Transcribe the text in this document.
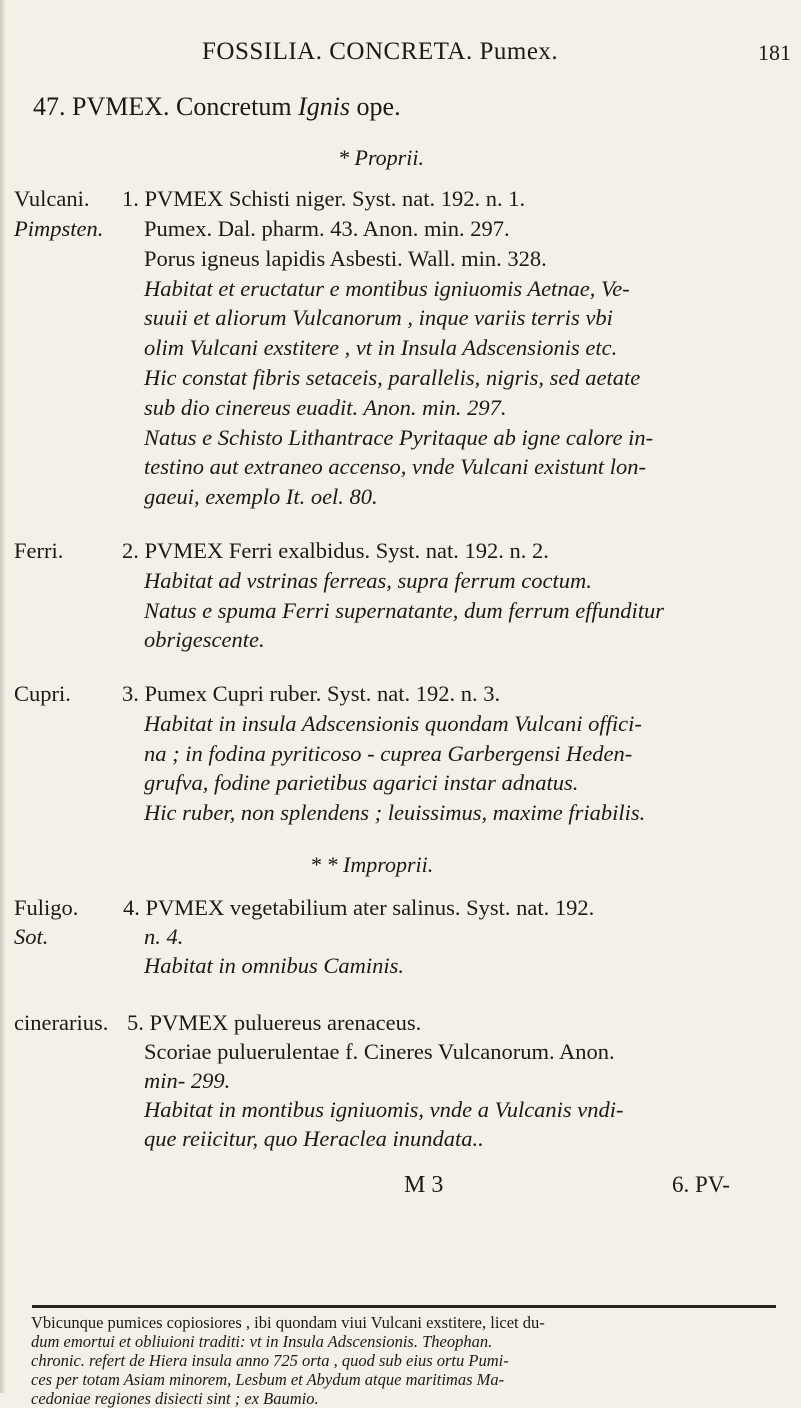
FOSSILIA. CONCRETA. Pumex.	181
47. PVMEX. Concretum Ignis ope.
* Proprii.
Vulcani.
Pimpsten.
1. PVMEX Schisti niger. Syst. nat. 192. n. 1.
Pumex. Dal. pharm. 43. Anon. min. 297.
Porus igneus lapidis Asbesti. Wall. min. 328.
Habitat et eructatur e montibus igniuomis Aetnae, Ve-
suuii et aliorum Vulcanorum , inque variis terris vbi
olim Vulcani exstitere , vt in Insula Adscensionis etc.
Hic constat fibris setaceis, parallelis, nigris, sed aetate
sub dio cinereus euadit. Anon. min. 297.
Natus e Schisto Lithantrace Pyritaque ab igne calore in-
testino aut extraneo accenso, vnde Vulcani existunt lon-
gaeui, exemplo It. oel. 80.
Ferri.	2. PVMEX Ferri exalbidus. Syst. nat. 192. n. 2.
Habitat ad vstrinas ferreas, supra ferrum coctum.
Natus e spuma Ferri supernatante, dum ferrum effunditur
obrigescente.
Cupri. 3. Pumex Cupri ruber. Syst. nat. 192. n. 3.
Habitat in insula Adscensionis quondam Vulcani offici-
na ; in fodina pyriticoso - cuprea Garbergensi Heden-
grufva, fodine parietibus agarici instar adnatus.
Hic ruber, non splendens ; leuissimus, maxime friabilis.
* * Improprii.
Fuligo.
Sot.
4. PVMEX vegetabilium ater salinus. Syst. nat. 192.
n. 4.
Habitat in omnibus Caminis.
cinerarius. 5. PVMEX puluereus arenaceus.
Scoriae puluerulentae f. Cineres Vulcanorum. Anon.
min- 299.
Habitat in montibus igniuomis, vnde a Vulcanis vndi-
que reiicitur, quo Heraclea inundata..
M 3	6. PV-
Vbicunque pumices copiosiores , ibi quondam viui Vulcani exstitere, licet du-
dum emortui et obliuioni traditi: vt in Insula Adscensionis. Theophan.
chronic. refert de Hiera insula anno 725 orta , quod sub eius ortu Pumi-
ces per totam Asiam minorem, Lesbum et Abydum atque maritimas Ma-
cedoniae regiones disiecti sint ; ex Baumio.
